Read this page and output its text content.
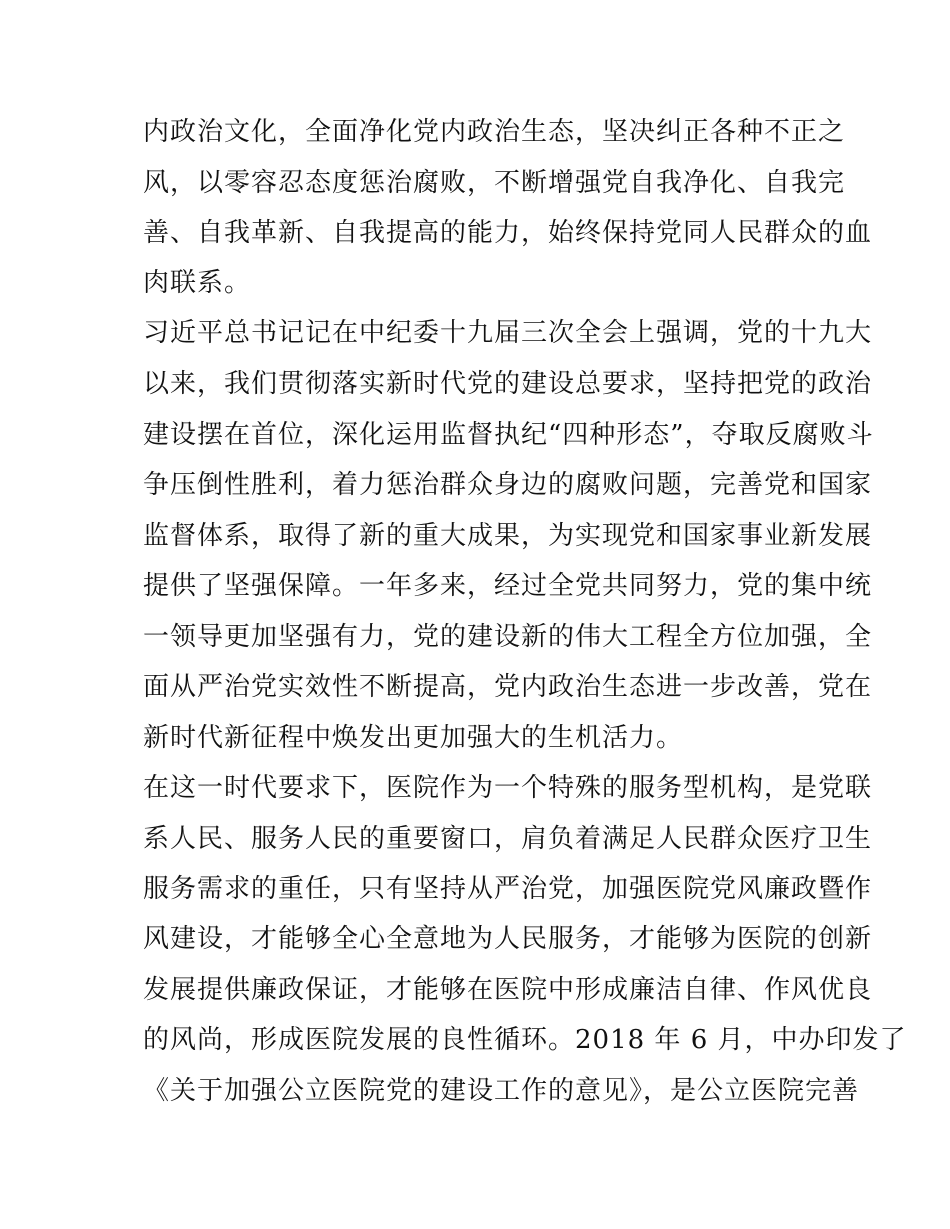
内政治文化，全面净化党内政治生态，坚决纠正各种不正之
风，以零容忍态度惩治腐败，不断增强党自我净化、自我完
善、自我革新、自我提高的能力，始终保持党同人民群众的血
肉联系。
习近平总书记记在中纪委十九届三次全会上强调，党的十九大
以来，我们贯彻落实新时代党的建设总要求，坚持把党的政治
建设摆在首位，深化运用监督执纪“四种形态”，夺取反腐败斗
争压倒性胜利，着力惩治群众身边的腐败问题，完善党和国家
监督体系，取得了新的重大成果，为实现党和国家事业新发展
提供了坚强保障。一年多来，经过全党共同努力，党的集中统
一领导更加坚强有力，党的建设新的伟大工程全方位加强，全
面从严治党实效性不断提高，党内政治生态进一步改善，党在
新时代新征程中焕发出更加强大的生机活力。
在这一时代要求下，医院作为一个特殊的服务型机构，是党联
系人民、服务人民的重要窗口，肩负着满足人民群众医疗卫生
服务需求的重任，只有坚持从严治党，加强医院党风廉政暨作
风建设，才能够全心全意地为人民服务，才能够为医院的创新
发展提供廉政保证，才能够在医院中形成廉洁自律、作风优良
的风尚，形成医院发展的良性循环。2018 年 6 月，中办印发了
《关于加强公立医院党的建设工作的意见》，是公立医院完善
